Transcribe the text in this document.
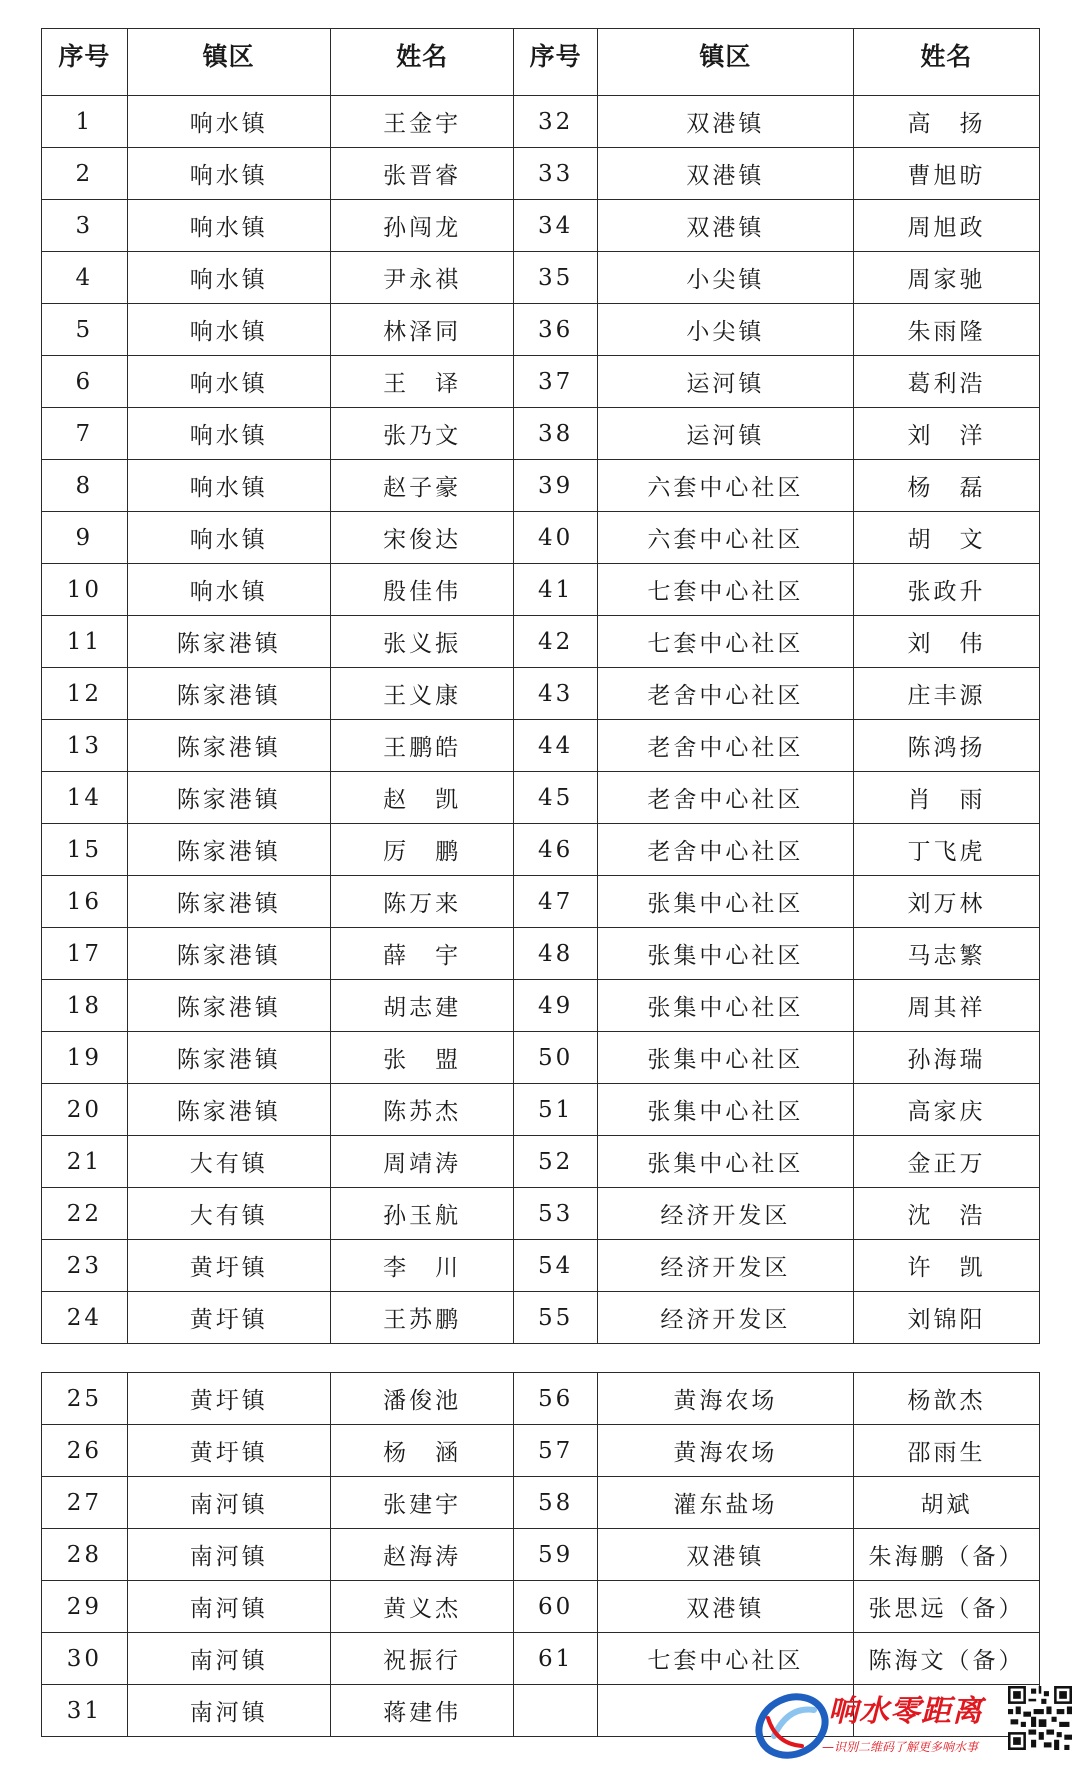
序号	镇区	姓名	序号	镇区	姓名
1	响水镇	王金宇	32	双港镇	高　扬
2	响水镇	张晋睿	33	双港镇	曹旭昉
3	响水镇	孙闯龙	34	双港镇	周旭政
4	响水镇	尹永祺	35	小尖镇	周家驰
5	响水镇	林泽同	36	小尖镇	朱雨隆
6	响水镇	王　译	37	运河镇	葛利浩
7	响水镇	张乃文	38	运河镇	刘　洋
8	响水镇	赵子豪	39	六套中心社区	杨　磊
9	响水镇	宋俊达	40	六套中心社区	胡　文
10	响水镇	殷佳伟	41	七套中心社区	张政升
11	陈家港镇	张义振	42	七套中心社区	刘　伟
12	陈家港镇	王义康	43	老舍中心社区	庄丰源
13	陈家港镇	王鹏皓	44	老舍中心社区	陈鸿扬
14	陈家港镇	赵　凯	45	老舍中心社区	肖　雨
15	陈家港镇	厉　鹏	46	老舍中心社区	丁飞虎
16	陈家港镇	陈万来	47	张集中心社区	刘万林
17	陈家港镇	薛　宇	48	张集中心社区	马志繁
18	陈家港镇	胡志建	49	张集中心社区	周其祥
19	陈家港镇	张　盟	50	张集中心社区	孙海瑞
20	陈家港镇	陈苏杰	51	张集中心社区	高家庆
21	大有镇	周靖涛	52	张集中心社区	金正万
22	大有镇	孙玉航	53	经济开发区	沈　浩
23	黄圩镇	李　川	54	经济开发区	许　凯
24	黄圩镇	王苏鹏	55	经济开发区	刘锦阳
25	黄圩镇	潘俊池	56	黄海农场	杨歆杰
26	黄圩镇	杨　涵	57	黄海农场	邵雨生
27	南河镇	张建宇	58	灌东盐场	胡斌
28	南河镇	赵海涛	59	双港镇	朱海鹏（备）
29	南河镇	黄义杰	60	双港镇	张思远（备）
30	南河镇	祝振行	61	七套中心社区	陈海文（备）
31	南河镇	蒋建伟				响水零距离
—识别二维码了解更多响水事
